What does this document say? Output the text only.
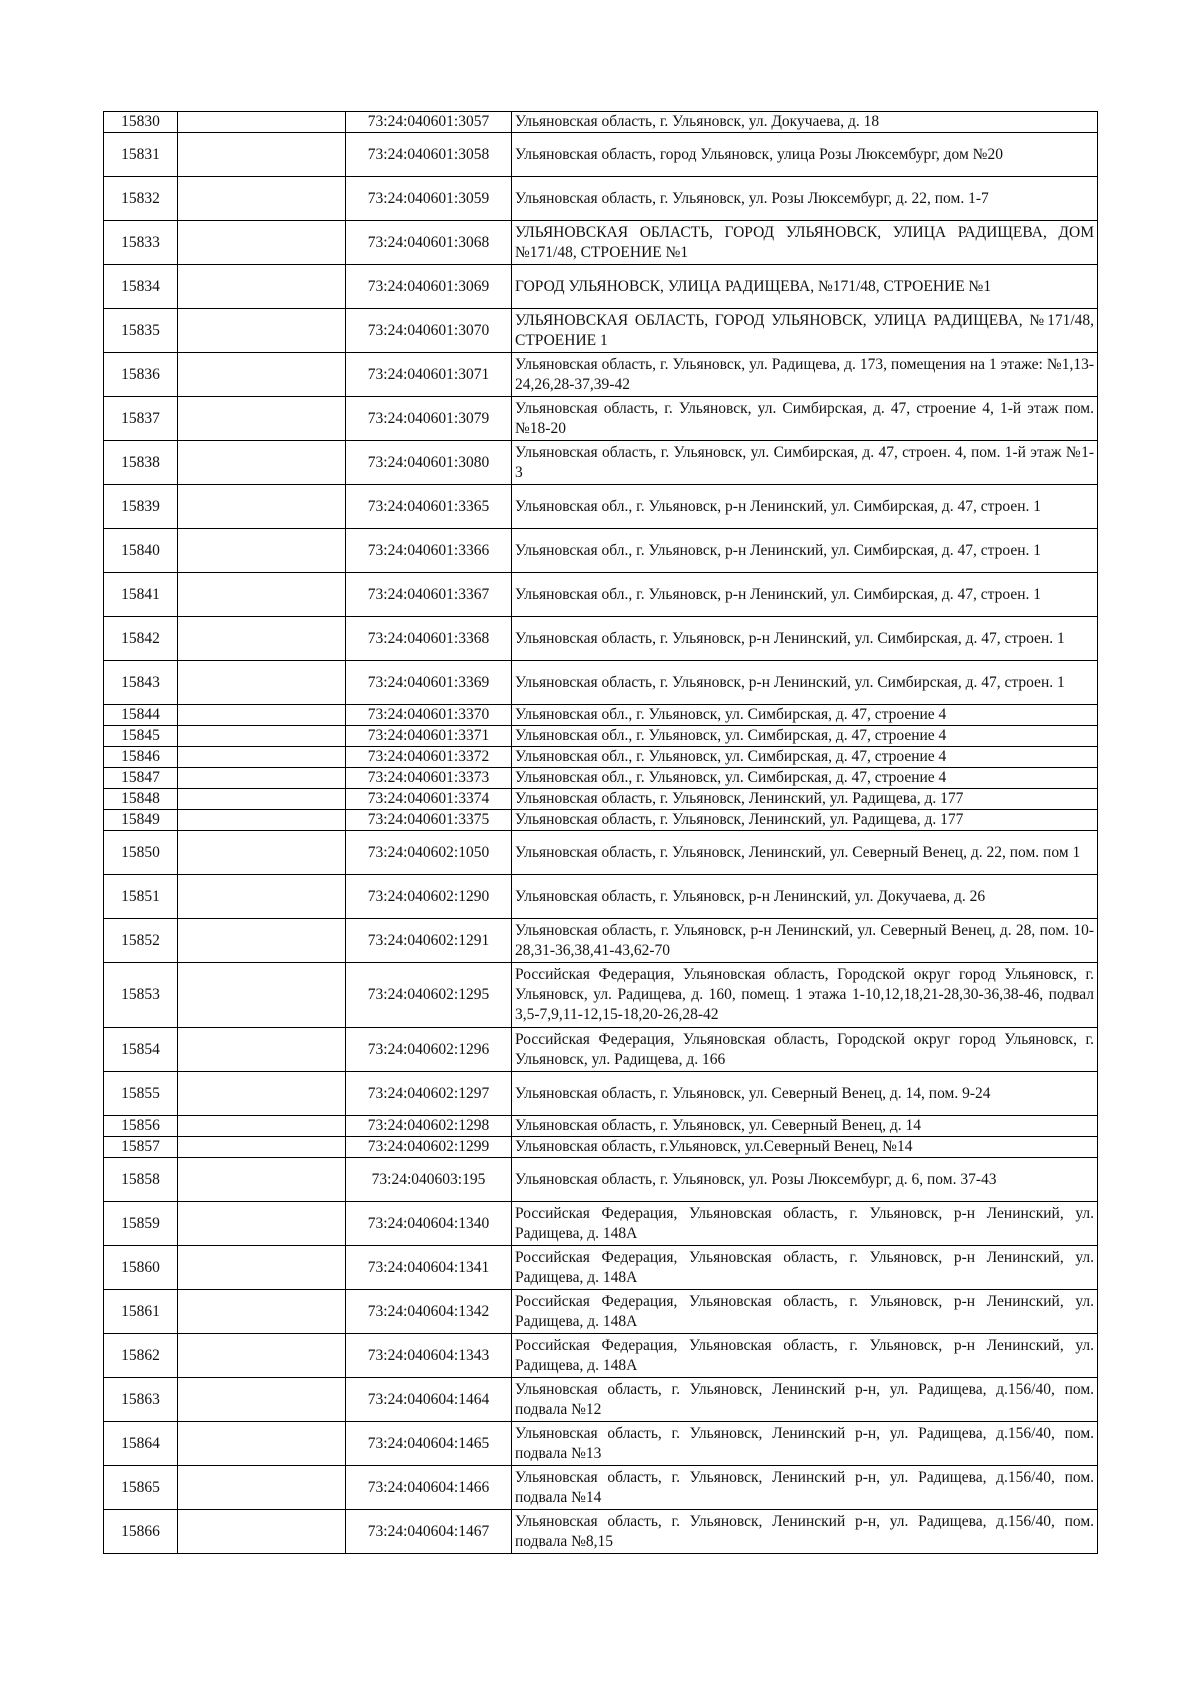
15830		73:24:040601:3057	Ульяновская область, г. Ульяновск, ул. Докучаева, д. 18
15831		73:24:040601:3058	Ульяновская область, город Ульяновск, улица Розы Люксембург, дом №20
15832		73:24:040601:3059	Ульяновская область, г. Ульяновск, ул. Розы Люксембург, д. 22, пом. 1-7
15833		73:24:040601:3068	УЛЬЯНОВСКАЯ ОБЛАСТЬ, ГОРОД УЛЬЯНОВСК, УЛИЦА РАДИЩЕВА, ДОМ №171/48, СТРОЕНИЕ №1
15834		73:24:040601:3069	ГОРОД УЛЬЯНОВСК, УЛИЦА РАДИЩЕВА, №171/48, СТРОЕНИЕ №1
15835		73:24:040601:3070	УЛЬЯНОВСКАЯ ОБЛАСТЬ, ГОРОД УЛЬЯНОВСК, УЛИЦА РАДИЩЕВА, №171/48, СТРОЕНИЕ 1
15836		73:24:040601:3071	Ульяновская область, г. Ульяновск, ул. Радищева, д. 173, помещения на 1 этаже: №1,13-24,26,28-37,39-42
15837		73:24:040601:3079	Ульяновская область, г. Ульяновск, ул. Симбирская, д. 47, строение 4, 1-й этаж пом. №18-20
15838		73:24:040601:3080	Ульяновская область, г. Ульяновск, ул. Симбирская, д. 47, строен. 4, пом. 1-й этаж №1-3
15839		73:24:040601:3365	Ульяновская обл., г. Ульяновск, р-н Ленинский, ул. Симбирская, д. 47, строен. 1
15840		73:24:040601:3366	Ульяновская обл., г. Ульяновск, р-н Ленинский, ул. Симбирская, д. 47, строен. 1
15841		73:24:040601:3367	Ульяновская обл., г. Ульяновск, р-н Ленинский, ул. Симбирская, д. 47, строен. 1
15842		73:24:040601:3368	Ульяновская область, г. Ульяновск, р-н Ленинский, ул. Симбирская, д. 47, строен. 1
15843		73:24:040601:3369	Ульяновская область, г. Ульяновск, р-н Ленинский, ул. Симбирская, д. 47, строен. 1
15844		73:24:040601:3370	Ульяновская обл., г. Ульяновск, ул. Симбирская, д. 47, строение 4
15845		73:24:040601:3371	Ульяновская обл., г. Ульяновск, ул. Симбирская, д. 47, строение 4
15846		73:24:040601:3372	Ульяновская обл., г. Ульяновск, ул. Симбирская, д. 47, строение 4
15847		73:24:040601:3373	Ульяновская обл., г. Ульяновск, ул. Симбирская, д. 47, строение 4
15848		73:24:040601:3374	Ульяновская область, г. Ульяновск, Ленинский, ул. Радищева, д. 177
15849		73:24:040601:3375	Ульяновская область, г. Ульяновск, Ленинский, ул. Радищева, д. 177
15850		73:24:040602:1050	Ульяновская область, г. Ульяновск, Ленинский, ул. Северный Венец, д. 22, пом. пом 1
15851		73:24:040602:1290	Ульяновская область, г. Ульяновск, р-н Ленинский, ул. Докучаева, д. 26
15852		73:24:040602:1291	Ульяновская область, г. Ульяновск, р-н Ленинский, ул. Северный Венец, д. 28, пом. 10-28,31-36,38,41-43,62-70
15853		73:24:040602:1295	Российская Федерация, Ульяновская область, Городской округ город Ульяновск, г. Ульяновск, ул. Радищева, д. 160, помещ. 1 этажа 1-10,12,18,21-28,30-36,38-46, подвал 3,5-7,9,11-12,15-18,20-26,28-42
15854		73:24:040602:1296	Российская Федерация, Ульяновская область, Городской округ город Ульяновск, г. Ульяновск, ул. Радищева, д. 166
15855		73:24:040602:1297	Ульяновская область, г. Ульяновск, ул. Северный Венец, д. 14, пом. 9-24
15856		73:24:040602:1298	Ульяновская область, г. Ульяновск, ул. Северный Венец, д. 14
15857		73:24:040602:1299	Ульяновская область, г.Ульяновск, ул.Северный Венец, №14
15858		73:24:040603:195	Ульяновская область, г. Ульяновск, ул. Розы Люксембург, д. 6, пом. 37-43
15859		73:24:040604:1340	Российская Федерация, Ульяновская область, г. Ульяновск, р-н Ленинский, ул. Радищева, д. 148А
15860		73:24:040604:1341	Российская Федерация, Ульяновская область, г. Ульяновск, р-н Ленинский, ул. Радищева, д. 148А
15861		73:24:040604:1342	Российская Федерация, Ульяновская область, г. Ульяновск, р-н Ленинский, ул. Радищева, д. 148А
15862		73:24:040604:1343	Российская Федерация, Ульяновская область, г. Ульяновск, р-н Ленинский, ул. Радищева, д. 148А
15863		73:24:040604:1464	Ульяновская область, г. Ульяновск, Ленинский р-н, ул. Радищева, д.156/40, пом. подвала №12
15864		73:24:040604:1465	Ульяновская область, г. Ульяновск, Ленинский р-н, ул. Радищева, д.156/40, пом. подвала №13
15865		73:24:040604:1466	Ульяновская область, г. Ульяновск, Ленинский р-н, ул. Радищева, д.156/40, пом. подвала №14
15866		73:24:040604:1467	Ульяновская область, г. Ульяновск, Ленинский р-н, ул. Радищева, д.156/40, пом. подвала №8,15
